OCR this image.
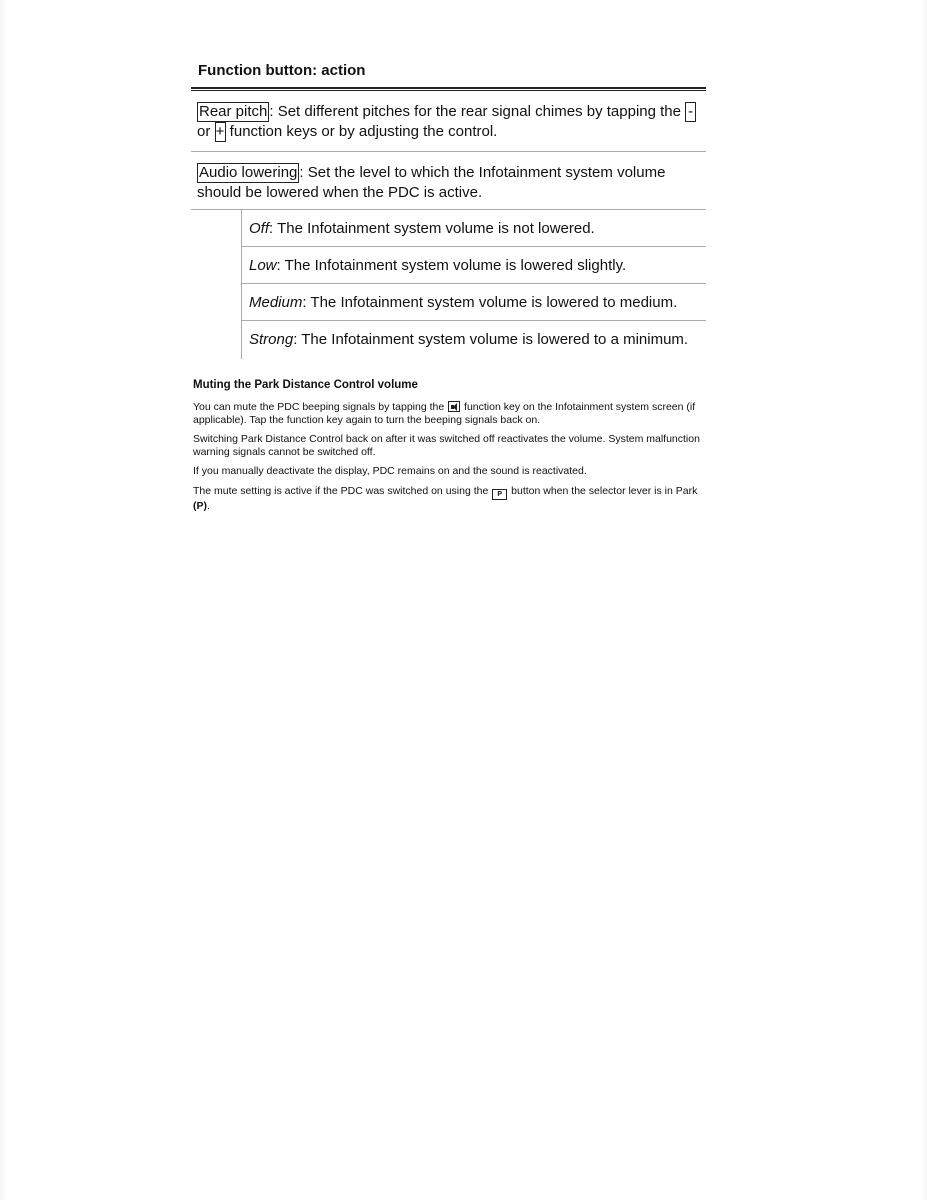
Function button: action
Rear pitch : Set different pitches for the rear signal chimes by tapping the -
or + function keys or by adjusting the control.
Audio lowering : Set the level to which the Infotainment system volume should be lowered when the PDC is active.
Off: The Infotainment system volume is not lowered.
Low: The Infotainment system volume is lowered slightly.
Medium: The Infotainment system volume is lowered to medium.
Strong: The Infotainment system volume is lowered to a minimum.
Muting the Park Distance Control volume
You can mute the PDC beeping signals by tapping the  function key on the Infotainment system screen (if applicable). Tap the function key again to turn the beeping signals back on.
Switching Park Distance Control back on after it was switched off reactivates the volume. System malfunction warning signals cannot be switched off.
If you manually deactivate the display, PDC remains on and the sound is reactivated.
The mute setting is active if the PDC was switched on using the P button when the selector lever is in Park (P).
